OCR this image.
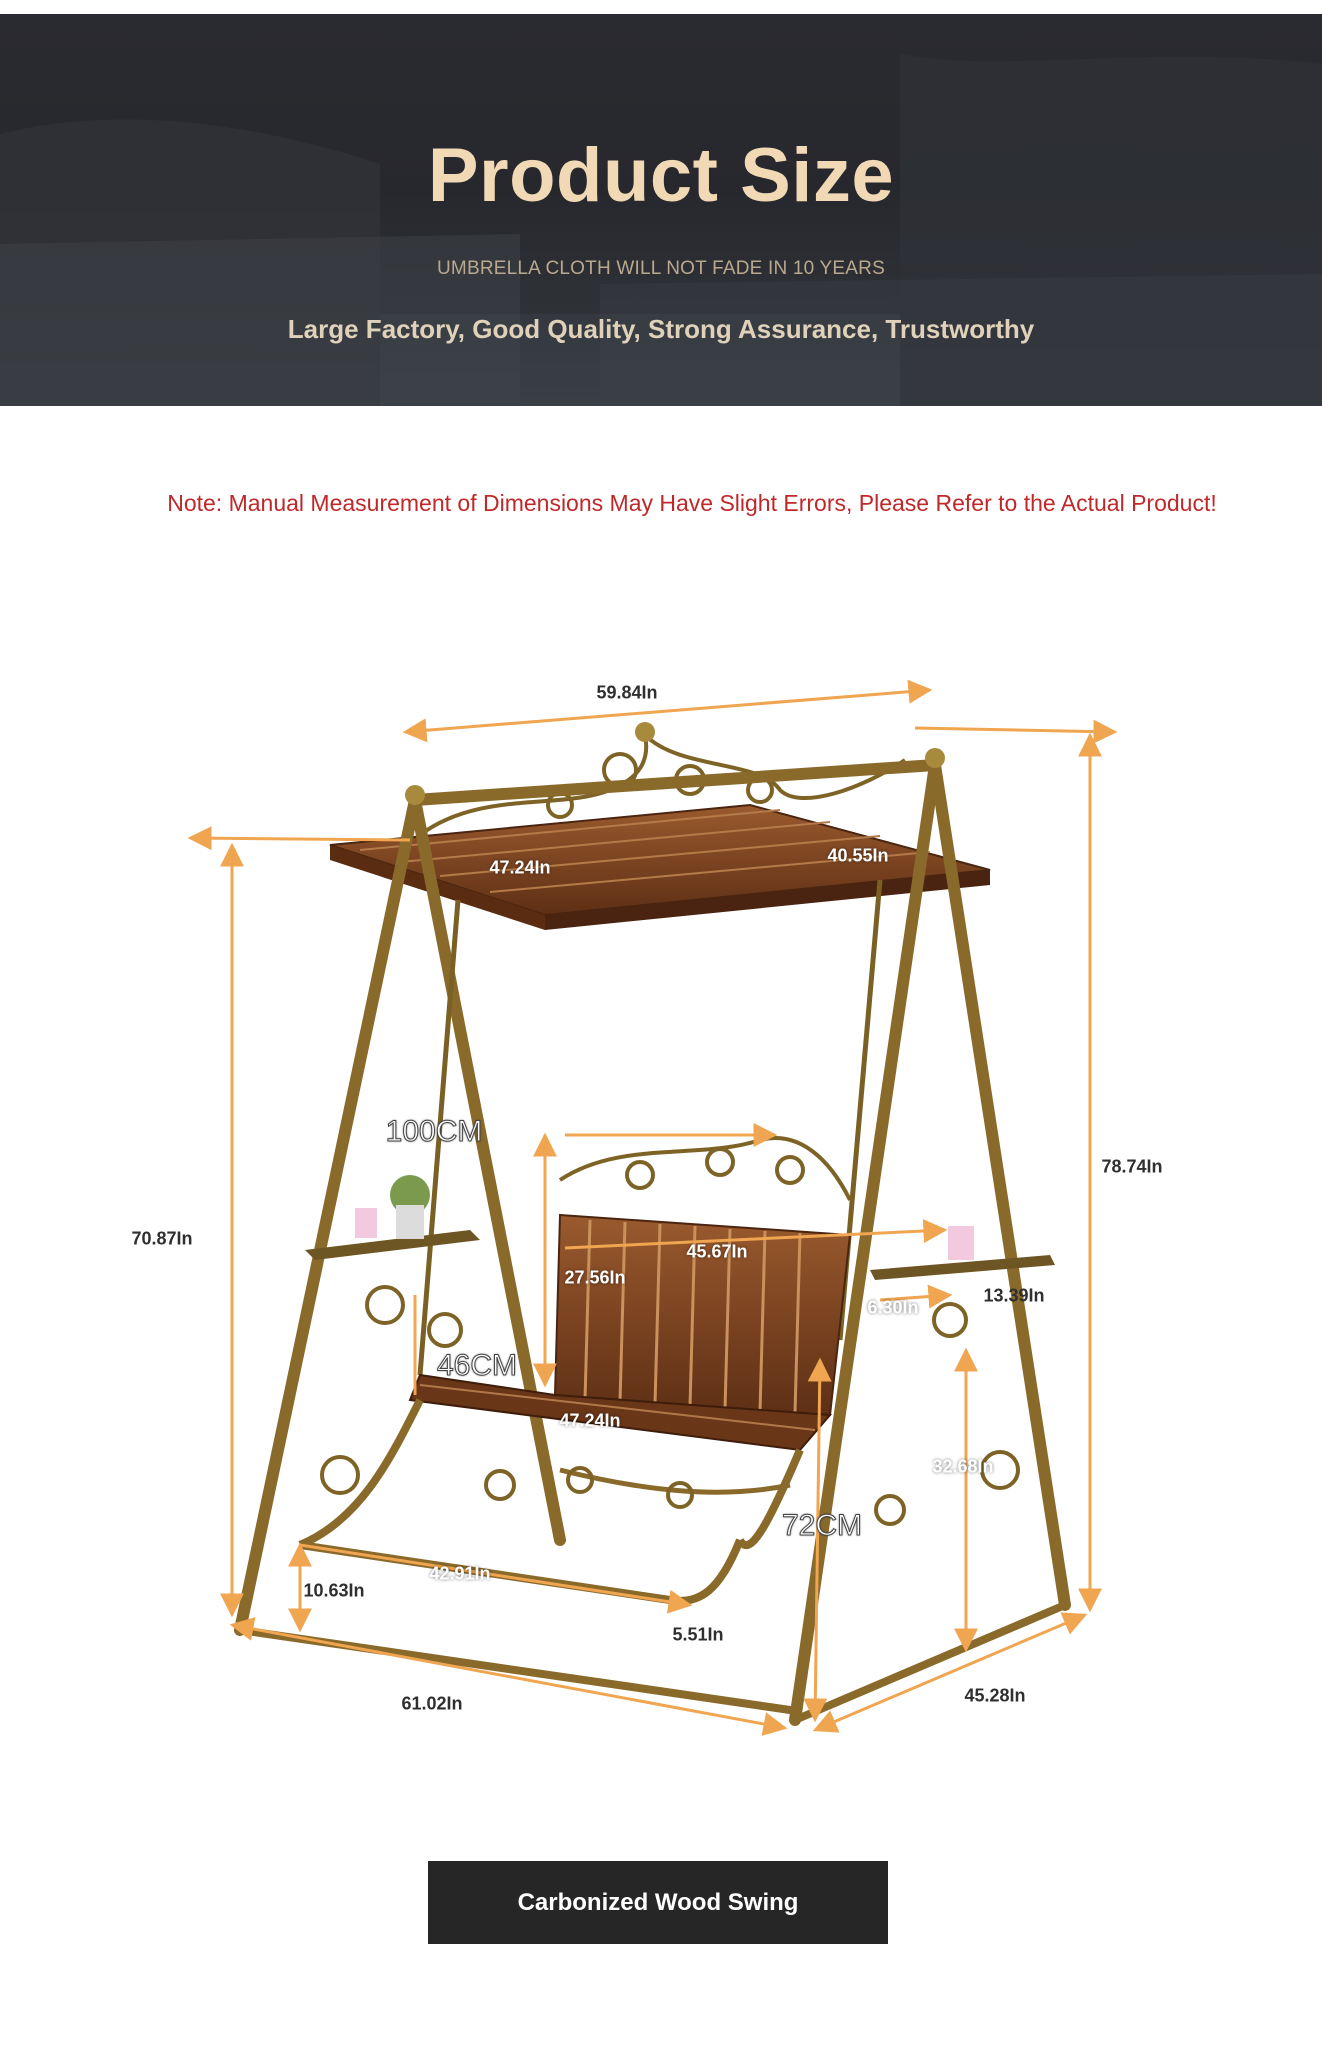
Product Size
UMBRELLA CLOTH WILL NOT FADE IN 10 YEARS
Large Factory, Good Quality, Strong Assurance, Trustworthy
Note: Manual Measurement of Dimensions May Have Slight Errors, Please Refer to the Actual Product!
59.84In
47.24In
40.55In
78.74In
70.87In
100CM
27.56In
45.67In
46CM
47.24In
6.30In
13.39In
32.68In
72CM
42.91In
10.63In
5.51In
61.02In	45.28In
Carbonized Wood Swing
